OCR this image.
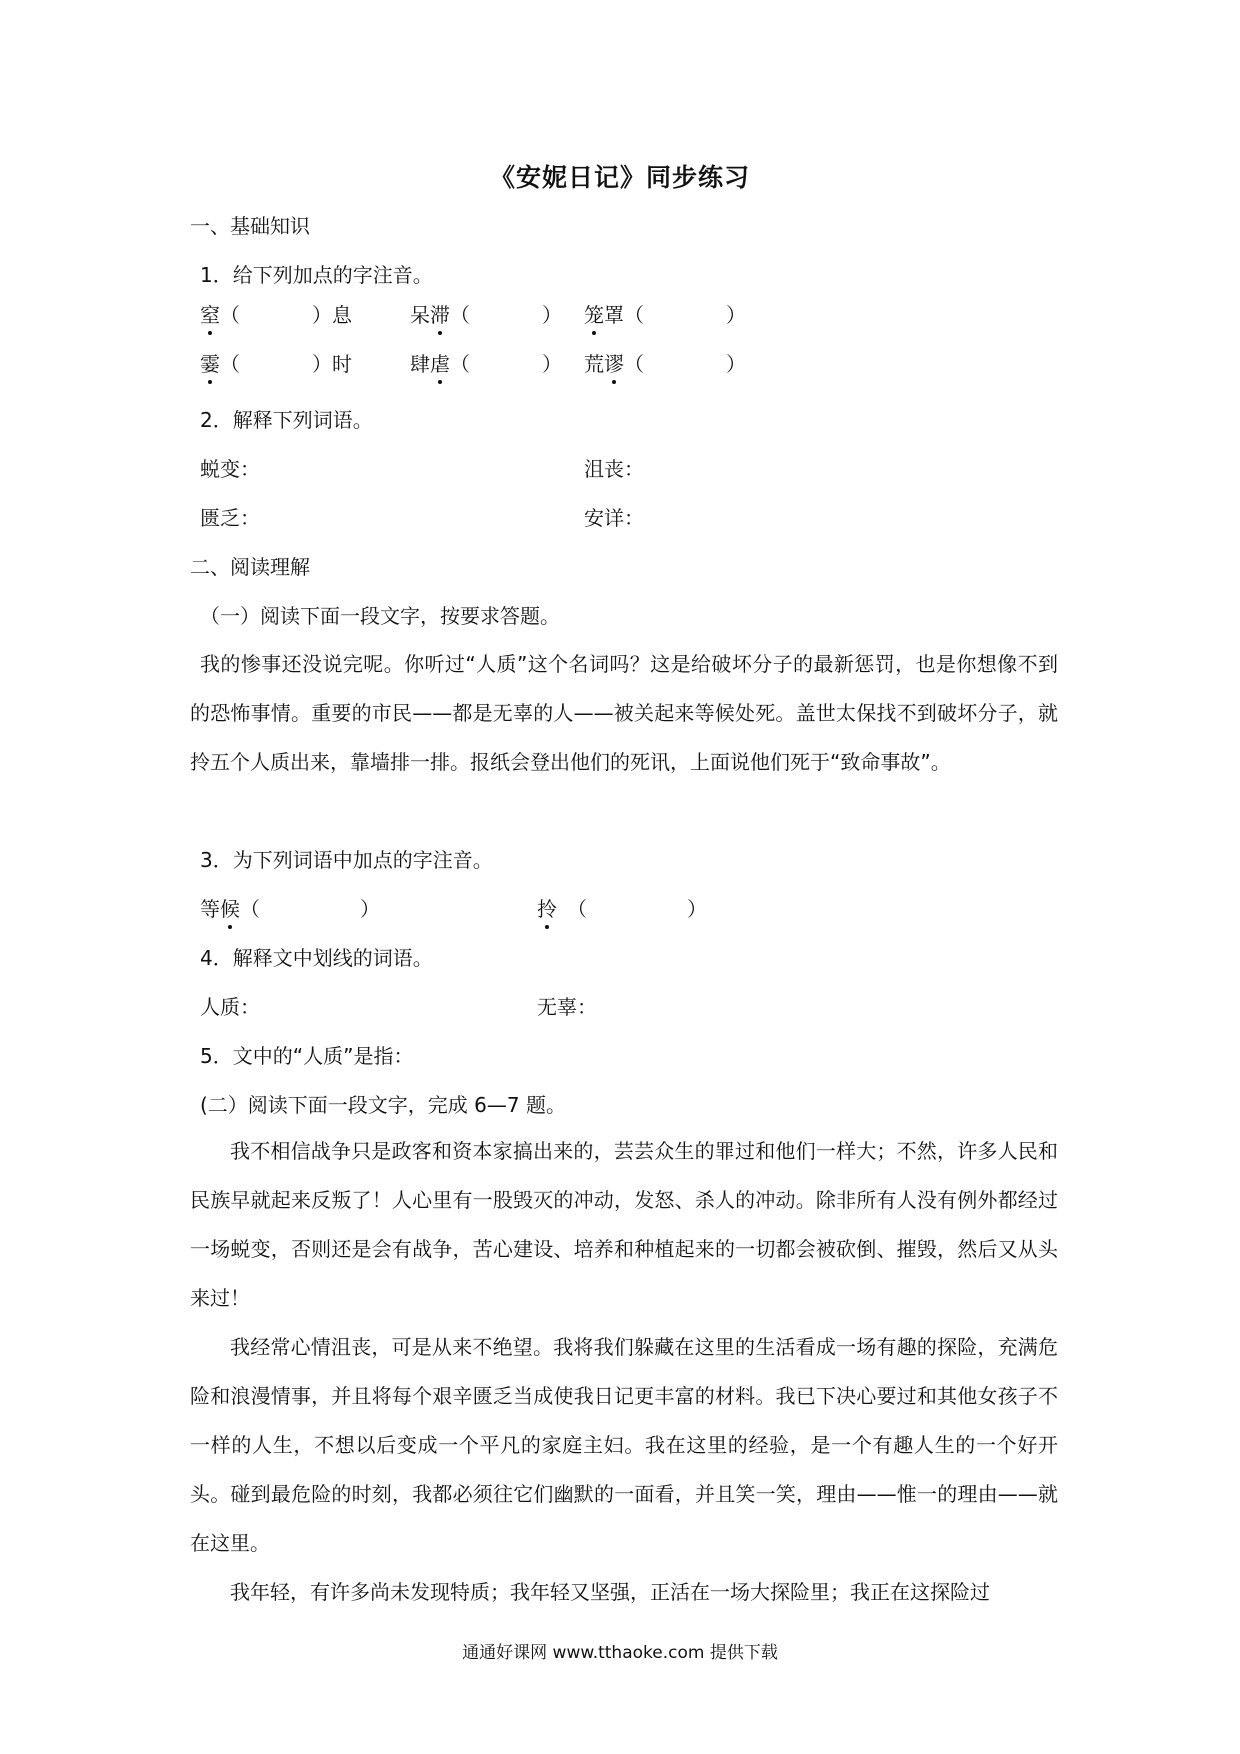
《安妮日记》同步练习
一、基础知识
1．给下列加点的字注音。
窒（	）息	呆滞（	） 笼罩（	）
霎（	）时	肆虐（	） 荒谬（	）
2．解释下列词语。
蜕变：	沮丧：
匮乏：	安详：
二、阅读理解
（一）阅读下面一段文字，按要求答题。
我的惨事还没说完呢。你听过“人质”这个名词吗？这是给破坏分子的最新惩罚，也是你想像不到的恐怖事情。重要的市民——都是无辜的人——被关起来等候处死。盖世太保找不到破坏分子，就拎五个人质出来，靠墙排一排。报纸会登出他们的死讯，上面说他们死于“致命事故”。
3．为下列词语中加点的字注音。
等候（	）	拎 （	）
4．解释文中划线的词语。
人质：	无辜：
5．文中的“人质”是指：
(二）阅读下面一段文字，完成 6—7 题。
我不相信战争只是政客和资本家搞出来的，芸芸众生的罪过和他们一样大；不然，许多人民和民族早就起来反叛了！人心里有一股毁灭的冲动，发怒、杀人的冲动。除非所有人没有例外都经过一场蜕变，否则还是会有战争，苦心建设、培养和种植起来的一切都会被砍倒、摧毁，然后又从头来过！
我经常心情沮丧，可是从来不绝望。我将我们躲藏在这里的生活看成一场有趣的探险，充满危险和浪漫情事，并且将每个艰辛匮乏当成使我日记更丰富的材料。我已下决心要过和其他女孩子不一样的人生，不想以后变成一个平凡的家庭主妇。我在这里的经验，是一个有趣人生的一个好开头。碰到最危险的时刻，我都必须往它们幽默的一面看，并且笑一笑，理由——惟一的理由——就在这里。
我年轻，有许多尚未发现特质；我年轻又坚强，正活在一场大探险里；我正在这探险过
通通好课网 www.tthaoke.com 提供下载
